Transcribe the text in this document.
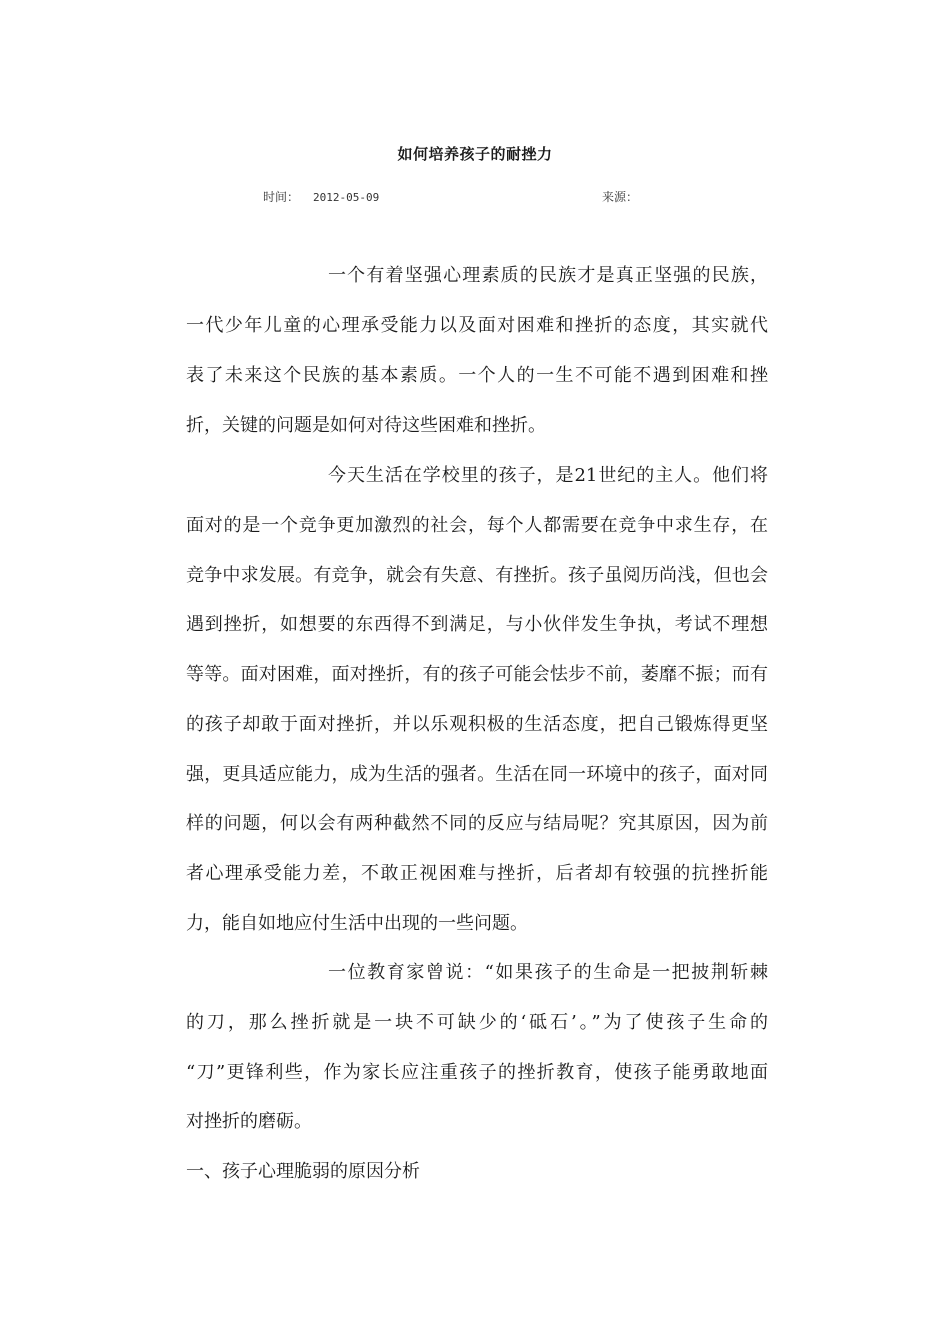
如何培养孩子的耐挫力
时间： 2012-05-09	来源：
一个有着坚强心理素质的民族才是真正坚强的民族，
一代少年儿童的心理承受能力以及面对困难和挫折的态度，其实就代
表了未来这个民族的基本素质。一个人的一生不可能不遇到困难和挫
折，关键的问题是如何对待这些困难和挫折。
今天生活在学校里的孩子，是21世纪的主人。他们将
面对的是一个竞争更加激烈的社会，每个人都需要在竞争中求生存，在
竞争中求发展。有竞争，就会有失意、有挫折。孩子虽阅历尚浅，但也会
遇到挫折，如想要的东西得不到满足，与小伙伴发生争执，考试不理想
等等。面对困难，面对挫折，有的孩子可能会怯步不前，萎靡不振；而有
的孩子却敢于面对挫折，并以乐观积极的生活态度，把自己锻炼得更坚
强，更具适应能力，成为生活的强者。生活在同一环境中的孩子，面对同
样的问题，何以会有两种截然不同的反应与结局呢？究其原因，因为前
者心理承受能力差，不敢正视困难与挫折，后者却有较强的抗挫折能
力，能自如地应付生活中出现的一些问题。
一位教育家曾说：“如果孩子的生命是一把披荆斩棘
的刀，那么挫折就是一块不可缺少的‘砥石’。”为了使孩子生命的
“刀”更锋利些，作为家长应注重孩子的挫折教育，使孩子能勇敢地面
对挫折的磨砺。
一、孩子心理脆弱的原因分析
